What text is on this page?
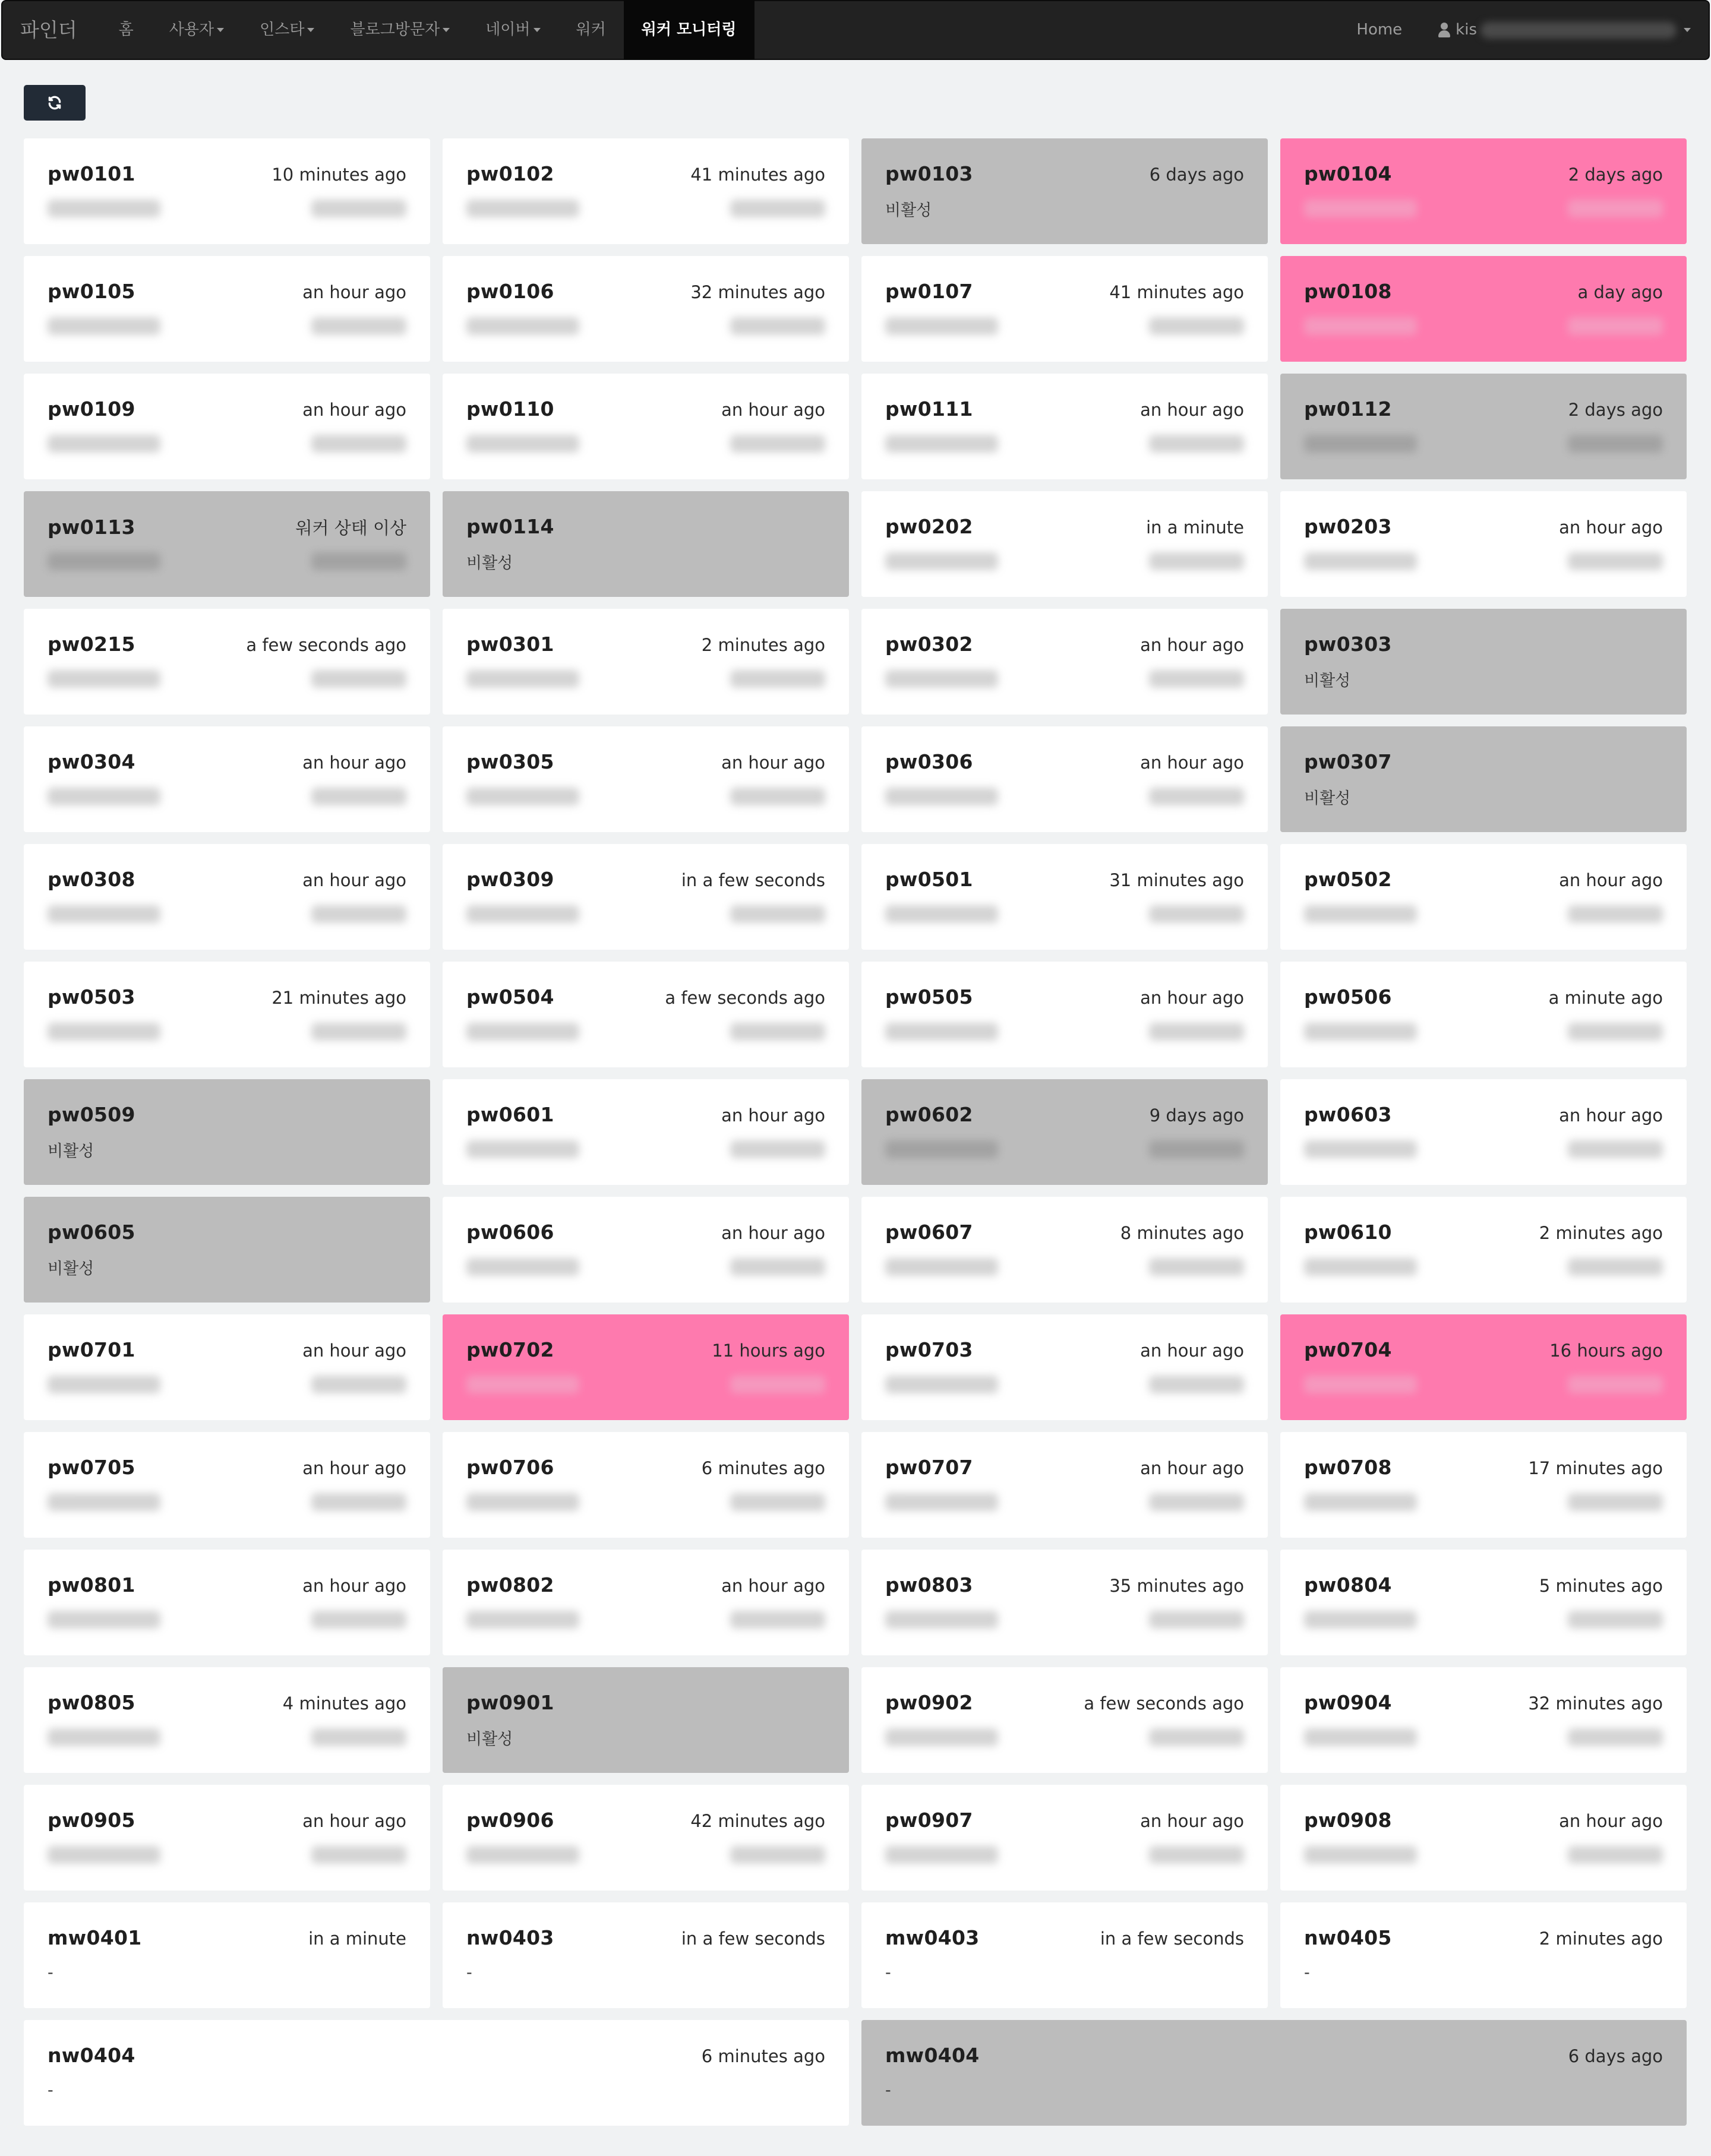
파인더	홈	사용자	인스타	블로그방문자	네이버	워커	워커 모니터링	Home	kis
pw0101	10 minutes ago	pw0102	41 minutes ago	pw0103	6 days ago
비활성
pw0104	2 days ago
pw0105	an hour ago	pw0106	32 minutes ago	pw0107	41 minutes ago	pw0108	a day ago
pw0109	an hour ago	pw0110	an hour ago	pw0111	an hour ago	pw0112	2 days ago
pw0113	워커 상태 이상	pw0114
비활성
pw0202	in a minute	pw0203	an hour ago
pw0215	a few seconds ago	pw0301	2 minutes ago	pw0302	an hour ago	pw0303
비활성
pw0304	an hour ago	pw0305	an hour ago	pw0306	an hour ago	pw0307
비활성
pw0308	an hour ago	pw0309	in a few seconds	pw0501	31 minutes ago	pw0502	an hour ago
pw0503	21 minutes ago	pw0504	a few seconds ago	pw0505	an hour ago	pw0506	a minute ago
pw0509
비활성
pw0601	an hour ago	pw0602	9 days ago	pw0603	an hour ago
pw0605
비활성
pw0606	an hour ago	pw0607	8 minutes ago	pw0610	2 minutes ago
pw0701	an hour ago	pw0702	11 hours ago	pw0703	an hour ago	pw0704	16 hours ago
pw0705	an hour ago	pw0706	6 minutes ago	pw0707	an hour ago	pw0708	17 minutes ago
pw0801	an hour ago	pw0802	an hour ago	pw0803	35 minutes ago	pw0804	5 minutes ago
pw0805	4 minutes ago	pw0901
비활성
pw0902	a few seconds ago	pw0904	32 minutes ago
pw0905	an hour ago	pw0906	42 minutes ago	pw0907	an hour ago	pw0908	an hour ago
mw0401	in a minute
-
nw0403	in a few seconds
-
mw0403	in a few seconds
-
nw0405	2 minutes ago
-
nw0404	6 minutes ago
-
mw0404	6 days ago
-
